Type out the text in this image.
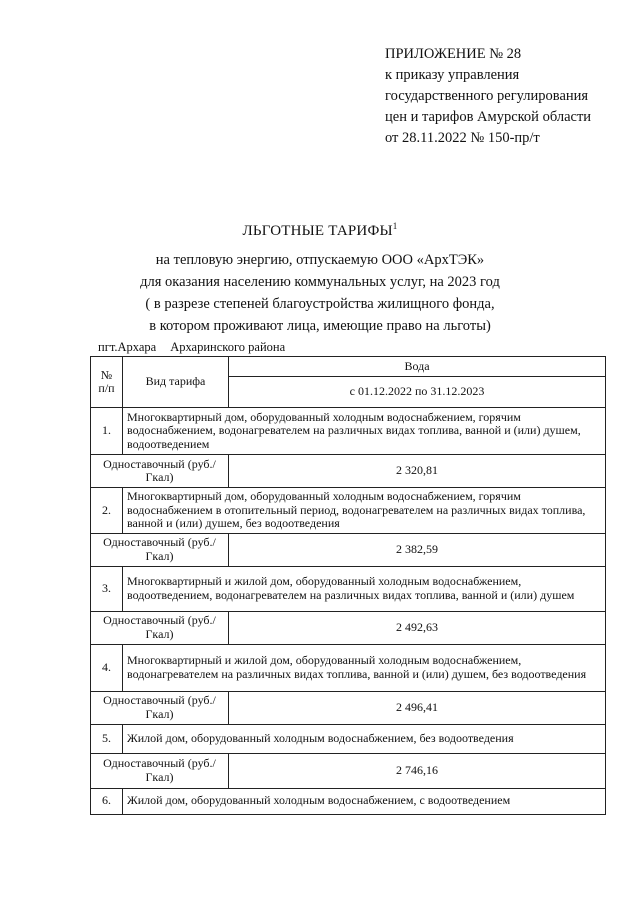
ПРИЛОЖЕНИЕ № 28
к приказу управления
государственного регулирования
цен и тарифов Амурской области
от 28.11.2022 № 150-пр/т
ЛЬГОТНЫЕ ТАРИФЫ$^1$
на тепловую энергию, отпускаемую ООО «АрхТЭК»
для оказания населению коммунальных услуг, на 2023 год
( в разрезе степеней благоустройства жилищного фонда,
в котором проживают лица, имеющие право на льготы)
пгт.Архара Архаринского района
№ п/п	Вид тарифа	Вода
		с 01.12.2022 по 31.12.2023
1.	Многоквартирный дом, оборудованный холодным водоснабжением, горячим водоснабжением, водонагревателем на различных видах топлива, ванной и (или) душем, водоотведением	
Одноставочный (руб./Гкал)		2 320,81
2.	Многоквартирный дом, оборудованный холодным водоснабжением, горячим водоснабжением в отопительный период, водонагревателем на различных видах топлива, ванной и (или) душем, без водоотведения	
Одноставочный (руб./Гкал)		2 382,59
3.	Многоквартирный и жилой дом, оборудованный холодным водоснабжением, водоотведением, водонагревателем на различных видах топлива, ванной и (или) душем	
Одноставочный (руб./Гкал)		2 492,63
4.	Многоквартирный и жилой дом, оборудованный холодным водоснабжением, водонагревателем на различных видах топлива, ванной и (или) душем, без водоотведения	
Одноставочный (руб./Гкал)		2 496,41
5.	Жилой дом, оборудованный холодным водоснабжением, без водоотведения	
Одноставочный (руб./Гкал)		2 746,16
6.	Жилой дом, оборудованный холодным водоснабжением, с водоотведением	
